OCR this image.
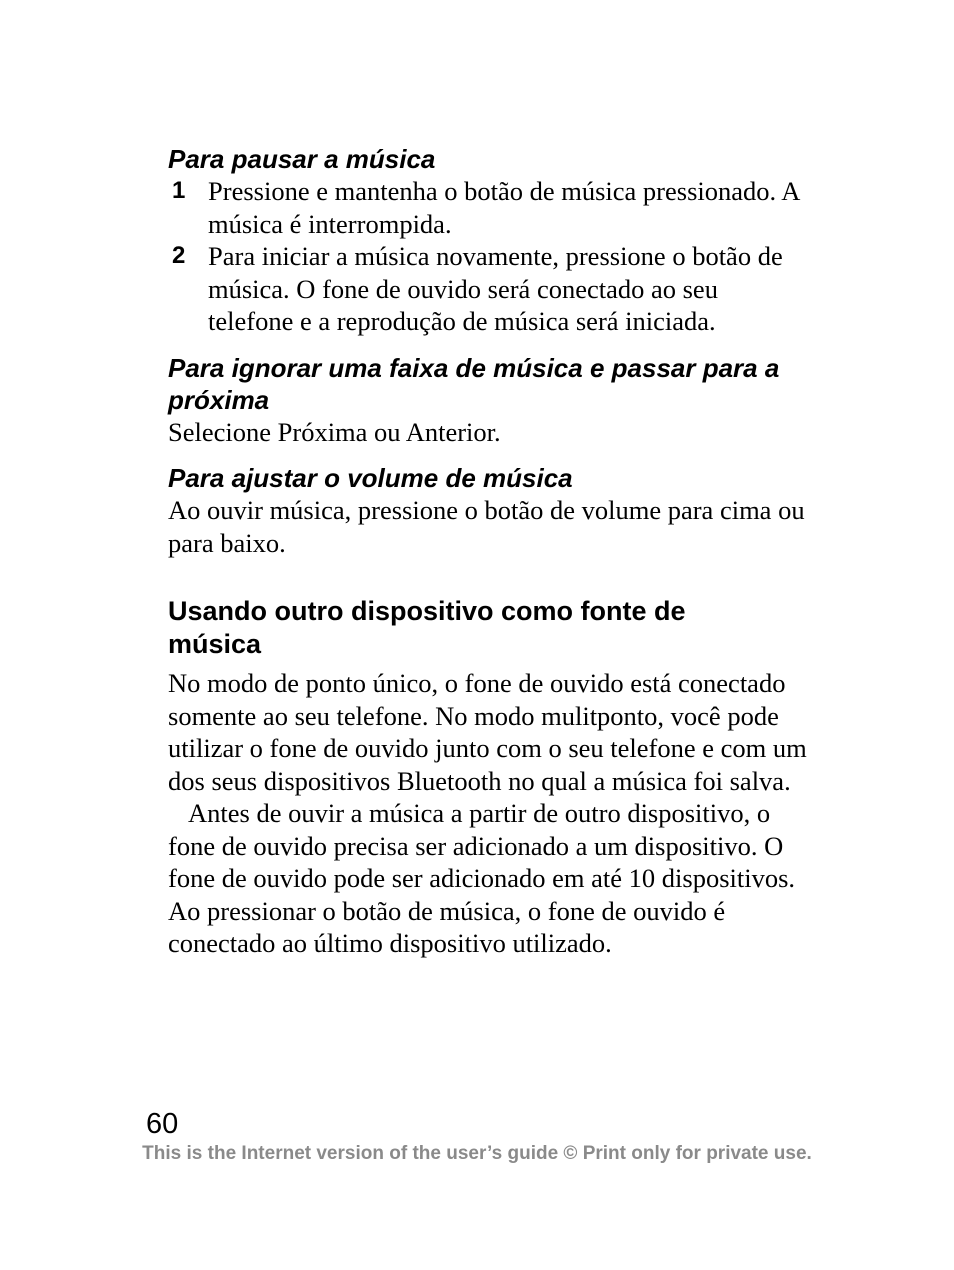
Para pausar a música
1 Pressione e mantenha o botão de música pressionado. A música é interrompida.
2 Para iniciar a música novamente, pressione o botão de música. O fone de ouvido será conectado ao seu telefone e a reprodução de música será iniciada.
Para ignorar uma faixa de música e passar para a próxima

Selecione Próxima ou Anterior.

Para ajustar o volume de música

Ao ouvir música, pressione o botão de volume para cima ou para baixo.

Usando outro dispositivo como fonte de música

No modo de ponto único, o fone de ouvido está conectado somente ao seu telefone. No modo mulitponto, você pode utilizar o fone de ouvido junto com o seu telefone e com um dos seus dispositivos Bluetooth no qual a música foi salva.

Antes de ouvir a música a partir de outro dispositivo, o fone de ouvido precisa ser adicionado a um dispositivo. O fone de ouvido pode ser adicionado em até 10 dispositivos. Ao pressionar o botão de música, o fone de ouvido é conectado ao último dispositivo utilizado.

60
This is the Internet version of the user’s guide © Print only for private use.
